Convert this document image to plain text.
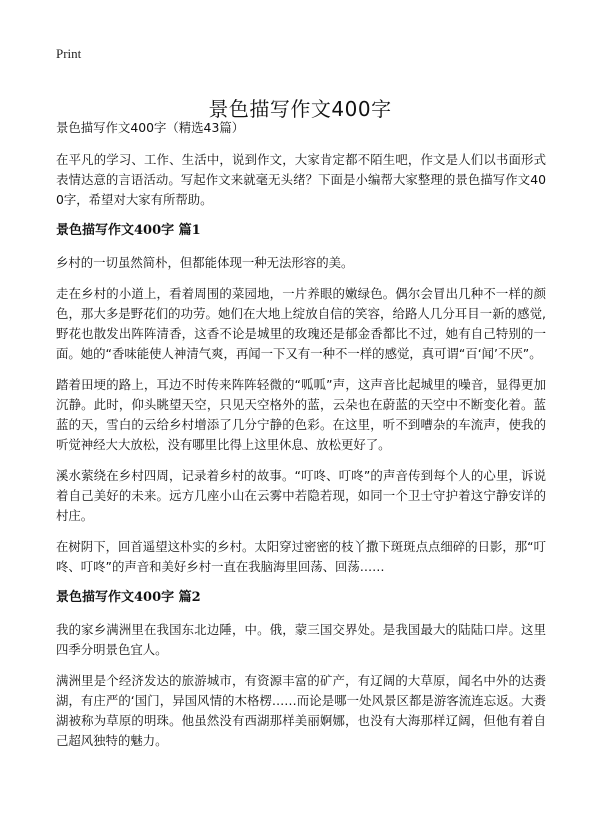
Print
景色描写作文400字

景色描写作文400字（精选43篇）

在平凡的学习、工作、生活中，说到作文，大家肯定都不陌生吧，作文是人们以书面形式表情达意的言语活动。写起作文来就毫无头绪？下面是小编帮大家整理的景色描写作文400字，希望对大家有所帮助。

景色描写作文400字 篇1

乡村的一切虽然简朴，但都能体现一种无法形容的美。

走在乡村的小道上，看着周围的菜园地，一片养眼的嫩绿色。偶尔会冒出几种不一样的颜色，那大多是野花们的功劳。她们在大地上绽放自信的笑容，给路人几分耳目一新的感觉,野花也散发出阵阵清香，这香不论是城里的玫瑰还是郁金香都比不过，她有自己特别的一面。她的“香味能使人神清气爽，再闻一下又有一种不一样的感觉，真可谓“百‘闻’不厌”。

踏着田埂的路上，耳边不时传来阵阵轻微的“呱呱”声，这声音比起城里的噪音，显得更加沉静。此时，仰头眺望天空，只见天空格外的蓝，云朵也在蔚蓝的天空中不断变化着。蓝蓝的天，雪白的云给乡村增添了几分宁静的色彩。在这里，听不到嘈杂的车流声，使我的听觉神经大大放松，没有哪里比得上这里休息、放松更好了。

溪水萦绕在乡村四周，记录着乡村的故事。“叮咚、叮咚”的声音传到每个人的心里，诉说着自己美好的未来。远方几座小山在云雾中若隐若现，如同一个卫士守护着这宁静安详的村庄。

在树阴下，回首遥望这朴实的乡村。太阳穿过密密的枝丫撒下斑斑点点细碎的日影，那“叮咚、叮咚”的声音和美好乡村一直在我脑海里回荡、回荡……

景色描写作文400字 篇2

我的家乡满洲里在我国东北边陲，中。俄，蒙三国交界处。是我国最大的陆陆口岸。这里四季分明景色宜人。

满洲里是个经济发达的旅游城市，有资源丰富的矿产，有辽阔的大草原，闻名中外的达赉湖，有庄严的‘国门，异国风情的木格楞……而论是哪一处风景区都是游客流连忘返。大赉湖被称为草原的明珠。他虽然没有西湖那样美丽婀娜，也没有大海那样辽阔，但他有着自己超风独特的魅力。
